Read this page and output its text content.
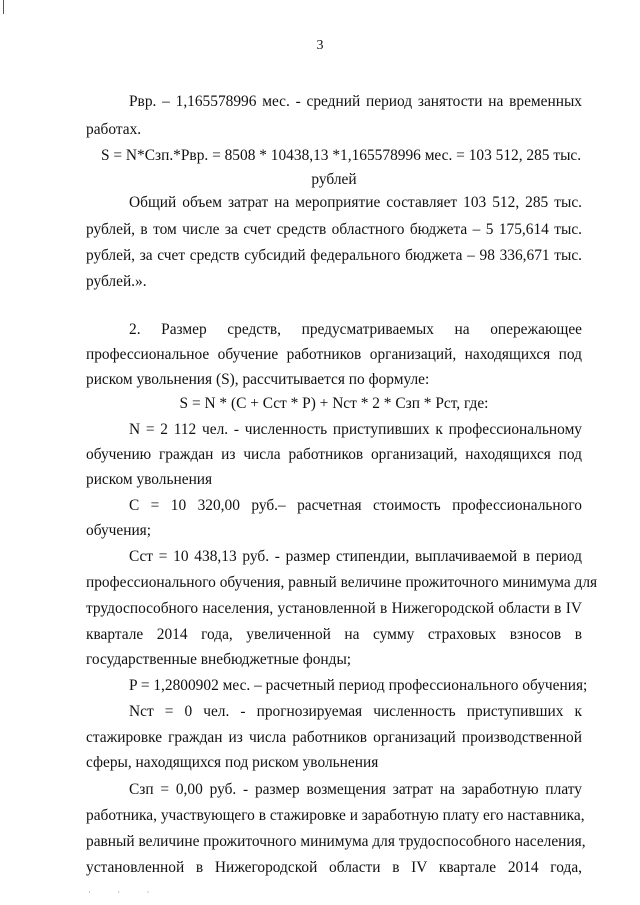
3
Рвр. – 1,165578996 мес. - средний период занятости на временных
работах.
S = N*Сзп.*Рвр. = 8508 * 10438,13 *1,165578996 мес. = 103 512, 285 тыс.
рублей
Общий объем затрат на мероприятие составляет 103 512, 285 тыс.
рублей, в том числе за счет средств областного бюджета – 5 175,614 тыс.
рублей, за счет средств субсидий федерального бюджета – 98 336,671 тыс.
рублей.».
2. Размер средств, предусматриваемых на опережающее
профессиональное обучение работников организаций, находящихся под
риском увольнения (S), рассчитывается по формуле:
S = N * (C + Сст * P) + Nст * 2 * Сзп * Рст, где:
N = 2 112 чел. - численность приступивших к профессиональному
обучению граждан из числа работников организаций, находящихся под
риском увольнения
C = 10 320,00 руб.– расчетная стоимость профессионального
обучения;
Сст = 10 438,13 руб. - размер стипендии, выплачиваемой в период
профессионального обучения, равный величине прожиточного минимума для
трудоспособного населения, установленной в Нижегородской области в IV
квартале 2014 года, увеличенной на сумму страховых взносов в
государственные внебюджетные фонды;
P = 1,2800902 мес. – расчетный период профессионального обучения;
Nст = 0 чел. - прогнозируемая численность приступивших к
стажировке граждан из числа работников организаций производственной
сферы, находящихся под риском увольнения
Сзп = 0,00 руб. - размер возмещения затрат на заработную плату
работника, участвующего в стажировке и заработную плату его наставника,
равный величине прожиточного минимума для трудоспособного населения,
установленной в Нижегородской области в IV квартале 2014 года,
· · ·
